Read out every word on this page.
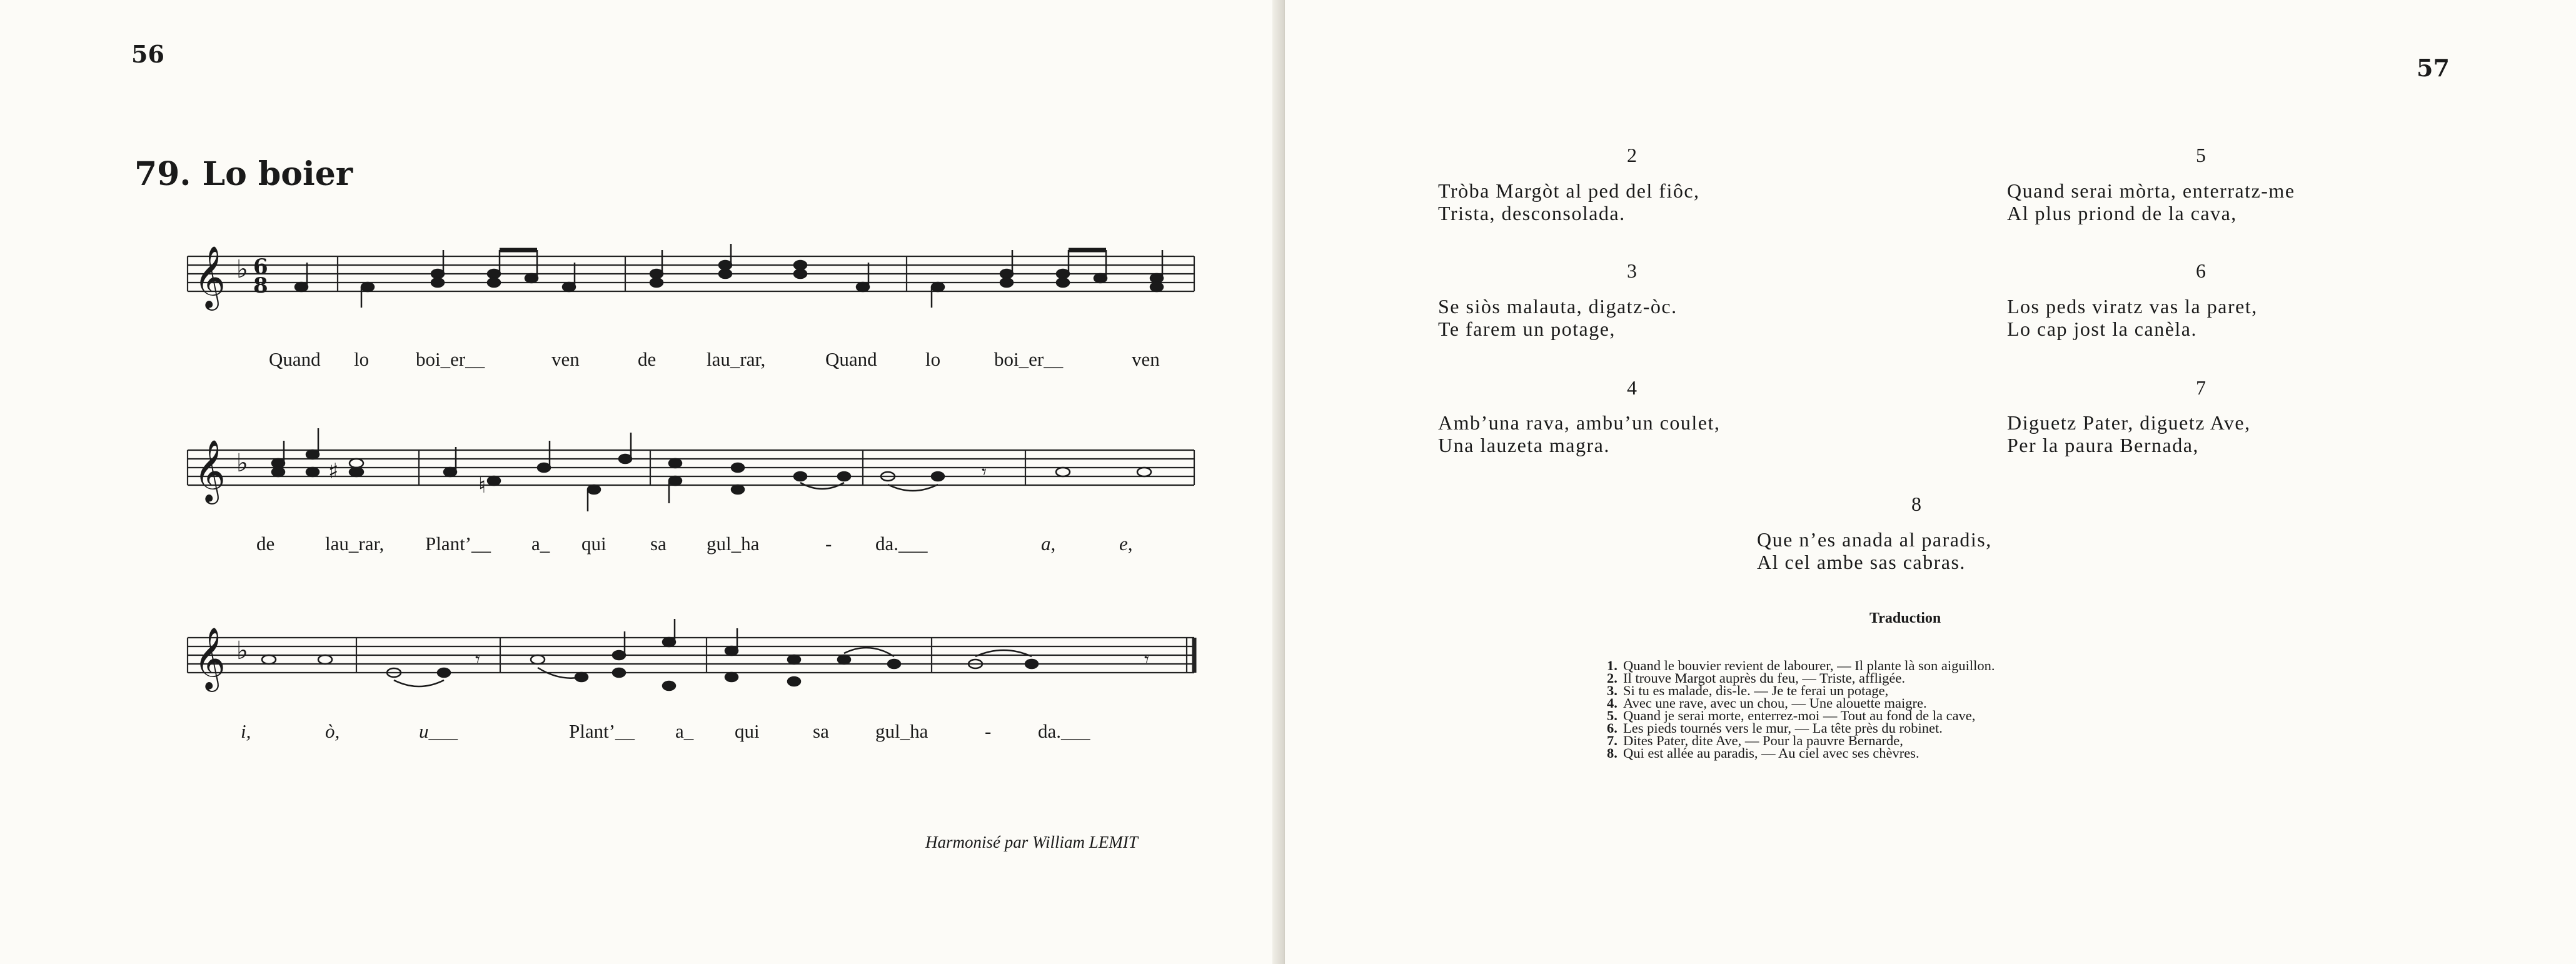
56
79. Lo boier
𝄞 ♭ 6
8
Quand lo boi_er__	ven	de	lau_rar,	Quand lo	boi_er__	ven
𝄞 ♭	♯
♮
𝄾
de	lau_rar, Plant’__ a_ qui sa gul_ha	- da.___	a,	e,
𝄞 ♭	𝄾	𝄾
i,	ò,	u___	Plant’__ a_ qui	sa gul_ha	- da.___
Harmonisé par William LEMIT
57
2
Tròba Margòt al ped del fiôc,
Trista, desconsolada.
3
Se siòs malauta, digatz-òc.
Te farem un potage,
4
Amb’una rava, ambu’un coulet,
Una lauzeta magra.
5
Quand serai mòrta, enterratz-me
Al plus priond de la cava,
6
Los peds viratz vas la paret,
Lo cap jost la canèla.
7
Diguetz Pater, diguetz Ave,
Per la paura Bernada,
8
Que n’es anada al paradis,
Al cel ambe sas cabras.
Traduction
1. Quand le bouvier revient de labourer, — Il plante là son aiguillon.
2. Il trouve Margot auprès du feu, — Triste, affligée.
3. Si tu es malade, dis-le. — Je te ferai un potage,
4. Avec une rave, avec un chou, — Une alouette maigre.
5. Quand je serai morte, enterrez-moi — Tout au fond de la cave,
6. Les pieds tournés vers le mur, — La tête près du robinet.
7. Dites Pater, dite Ave, — Pour la pauvre Bernarde,
8. Qui est allée au paradis, — Au ciel avec ses chèvres.
